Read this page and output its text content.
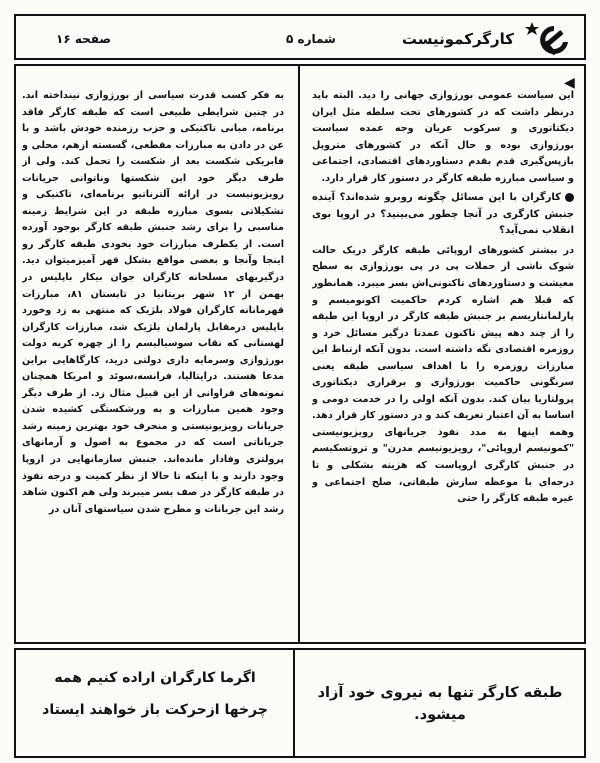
کارگرکمونیست
شماره ۵
صفحه ۱۶
◀

این سیاست عمومی بورژوازی جهانی را دید. البته باید درنظر داشت که در کشورهای تحت سلطه مثل ایران دیکتاتوری و سرکوب عریان وجه عمده سیاست بورژوازی بوده و حال آنکه در کشورهای متروپل بازپس‌گیری قدم بقدم دستاوردهای اقتصادی، اجتماعی و سیاسی مبارزه طبقه کارگر در دستور کار قرار دارد.

کارگران با این مسائل چگونه روبرو شده‌اند؟ آینده جنبش کارگری در آنجا چطور می‌بینید؟ در اروپا بوی انقلاب نمی‌آید؟

در بیشتر کشورهای اروپائی طبقه کارگر دریک حالت شوک ناشی از حملات پی در پی بورژوازی به سطح معیشت و دستاوردهای تاکنونی‌اش بسر میبرد. همانطور که قبلا هم اشاره کردم حاکمیت اکونومیسم و پارلمانتاریسم بر جنبش طبقه کارگر در اروپا این طبقه را از چند دهه پیش تاکنون عمدتا درگیر مسائل خرد و روزمره اقتصادی نگه داشته است. بدون آنکه ارتباط این مبارزات روزمره را با اهداف سیاسی طبقه یعنی سرنگونی حاکمیت بورژوازی و برقراری دیکتاتوری پرولتاریا بیان کند. بدون آنکه اولی را در خدمت دومی و اساسا به آن اعتبار تعریف کند و در دستور کار قرار دهد. وهمه اینها به مدد نفوذ جریانهای رویزیونیستی "کمونیسم اروپائی"، رویزیونیسم مدرن" و تروتسکیسم در جنبش کارگری اروپاست که هزینه بشکلی و تا درجه‌ای با موعظه سازش طبقاتی، صلح اجتماعی و غیره طبقه کارگر را حتی

به فکر کسب قدرت سیاسی از بورژوازی نینداخته اند. در چنین شرایطی طبیعی است که طبقه کارگر فاقد برنامه، مبانی تاکتیکی و حزب رزمنده خودش باشد و با عن در دادن به مبارزات مقطعی، گسسته ازهم، محلی و فابریکی شکست بعد از شکست را تحمل کند. ولی از طرف دیگر خود این شکستها وناتوانی جریانات رویزیونیست در ارائه آلترناتیو برنامه‌ای، تاکتیکی و تشکیلاتی بسوی مبارزه طبقه در این شرایط زمینه مناسبی را برای رشد جنبش طبقه کارگر بوجود آورده است. از یکطرف مبارزات خود بخودی طبقه کارگر رو اینجا وآنجا و بعضی مواقع بشکل قهر آمیزمیتوان دید. درگیریهای مسلحانه کارگران جوان بیکار باپلیس در بهمن از ۱۲ شهر بریتانیا در تابستان ۸۱، مبارزات قهرمانانه کارگران فولاد بلژیک که منتهی به زد وخورد باپلیس درمقابل پارلمان بلژیک شد، مبارزات کارگران لهستانی که نقاب سوسیالیسم را از چهره کریه دولت بورژوازی وسرمایه داری دولتی درید، کارگاهایی براین مدعا هستند. درایتالیا، فرانسه،سوئد و امریکا همچنان نمونه‌های فراوانی از این قبیل مثال زد. از طرف دیگر وجود همین مبارزات و به ورشکستگی کشیده شدن جریانات رویزیونیستی و منحرف خود بهترین زمینه رشد جریاناتی است که در مجموع به اصول و آرمانهای پرولتری وفادار مانده‌اند. جنبش سازمانهایی در اروپا وجود دارند و با اینکه تا حالا از نظر کمیت و درجه نفوذ در طبقه کارگر در صف بسر میبرند ولی هم اکنون شاهد رشد این جریانات و مطرح شدن سیاستهای آنان در

اگرما کارگران اراده کنیم همه
چرخها ازحرکت باز خواهند ایستاد
طبقه کارگر تنها به نیروی خود آزاد میشود.
